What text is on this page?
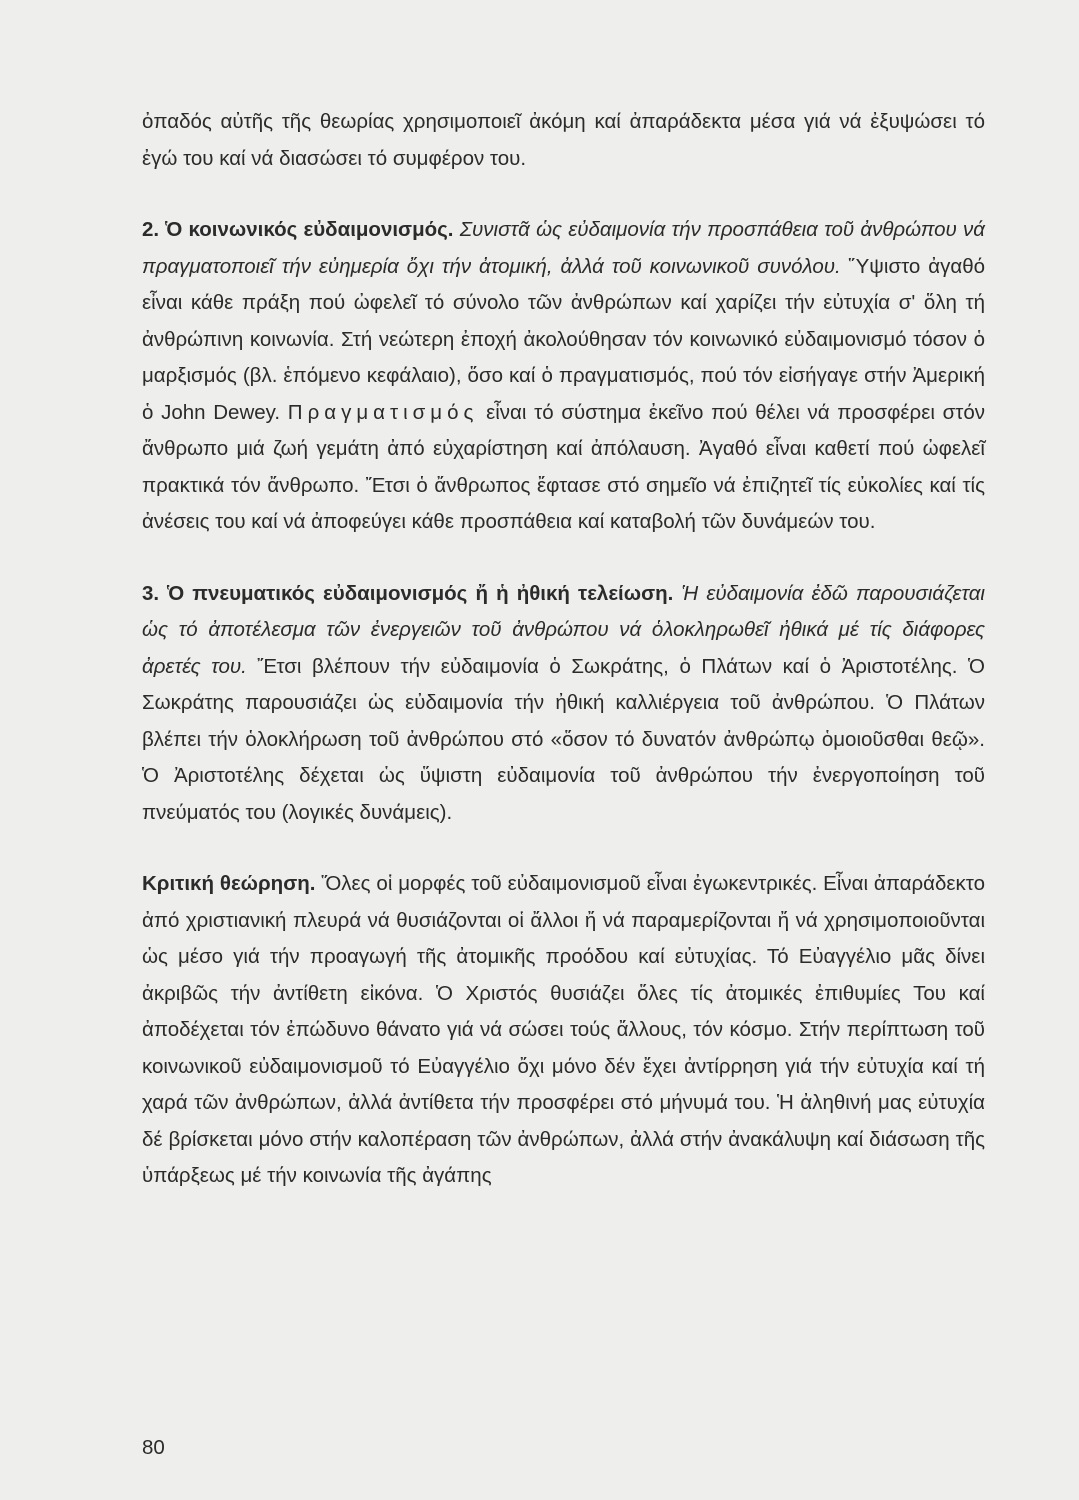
ὀπαδός αὐτῆς τῆς θεωρίας χρησιμοποιεῖ ἀκόμη καί ἀπαράδεκτα μέσα γιά νά ἐξυψώσει τό ἐγώ του καί νά διασώσει τό συμφέρον του.

2. Ὁ κοινωνικός εὐδαιμονισμός. Συνιστᾶ ὡς εὐδαιμονία τήν προσπάθεια τοῦ ἀνθρώπου νά πραγματοποιεῖ τήν εὐημερία ὄχι τήν ἀτομική, ἀλλά τοῦ κοινωνικοῦ συνόλου. Ὕψιστο ἀγαθό εἶναι κάθε πράξη πού ὠφελεῖ τό σύνολο τῶν ἀνθρώπων καί χαρίζει τήν εὐτυχία σ' ὅλη τή ἀνθρώπινη κοινωνία. Στή νεώτερη ἐποχή ἀκολούθησαν τόν κοινωνικό εὐδαιμονισμό τόσον ὁ μαρξισμός (βλ. ἑπόμενο κεφάλαιο), ὅσο καί ὁ πραγματισμός, πού τόν εἰσήγαγε στήν Ἀμερική ὁ John Dewey. Πραγματισμός εἶναι τό σύστημα ἐκεῖνο πού θέλει νά προσφέρει στόν ἄνθρωπο μιά ζωή γεμάτη ἀπό εὐχαρίστηση καί ἀπόλαυση. Ἀγαθό εἶναι καθετί πού ὠφελεῖ πρακτικά τόν ἄνθρωπο. Ἔτσι ὁ ἄνθρωπος ἔφτασε στό σημεῖο νά ἐπιζητεῖ τίς εὐκολίες καί τίς ἀνέσεις του καί νά ἀποφεύγει κάθε προσπάθεια καί καταβολή τῶν δυνάμεών του.

3. Ὁ πνευματικός εὐδαιμονισμός ἤ ἡ ἠθική τελείωση. Ἡ εὐδαιμονία ἐδῶ παρουσιάζεται ὡς τό ἀποτέλεσμα τῶν ἐνεργειῶν τοῦ ἀνθρώπου νά ὁλοκληρωθεῖ ἠθικά μέ τίς διάφορες ἀρετές του. Ἔτσι βλέπουν τήν εὐδαιμονία ὁ Σωκράτης, ὁ Πλάτων καί ὁ Ἀριστοτέλης. Ὁ Σωκράτης παρουσιάζει ὡς εὐδαιμονία τήν ἠθική καλλιέργεια τοῦ ἀνθρώπου. Ὁ Πλάτων βλέπει τήν ὁλοκλήρωση τοῦ ἀνθρώπου στό «ὅσον τό δυνατόν ἀνθρώπῳ ὁμοιοῦσθαι θεῷ». Ὁ Ἀριστοτέλης δέχεται ὡς ὕψιστη εὐδαιμονία τοῦ ἀνθρώπου τήν ἐνεργοποίηση τοῦ πνεύματός του (λογικές δυνάμεις).

Κριτική θεώρηση. Ὅλες οἱ μορφές τοῦ εὐδαιμονισμοῦ εἶναι ἐγωκεντρικές. Εἶναι ἀπαράδεκτο ἀπό χριστιανική πλευρά νά θυσιάζονται οἱ ἄλλοι ἤ νά παραμερίζονται ἤ νά χρησιμοποιοῦνται ὡς μέσο γιά τήν προαγωγή τῆς ἀτομικῆς προόδου καί εὐτυχίας. Τό Εὐαγγέλιο μᾶς δίνει ἀκριβῶς τήν ἀντίθετη εἰκόνα. Ὁ Χριστός θυσιάζει ὅλες τίς ἀτομικές ἐπιθυμίες Του καί ἀποδέχεται τόν ἐπώδυνο θάνατο γιά νά σώσει τούς ἄλλους, τόν κόσμο. Στήν περίπτωση τοῦ κοινωνικοῦ εὐδαιμονισμοῦ τό Εὐαγγέλιο ὄχι μόνο δέν ἔχει ἀντίρρηση γιά τήν εὐτυχία καί τή χαρά τῶν ἀνθρώπων, ἀλλά ἀντίθετα τήν προσφέρει στό μήνυμά του. Ἡ ἀληθινή μας εὐτυχία δέ βρίσκεται μόνο στήν καλοπέραση τῶν ἀνθρώπων, ἀλλά στήν ἀνακάλυψη καί διάσωση τῆς ὑπάρξεως μέ τήν κοινωνία τῆς ἀγάπης

80
